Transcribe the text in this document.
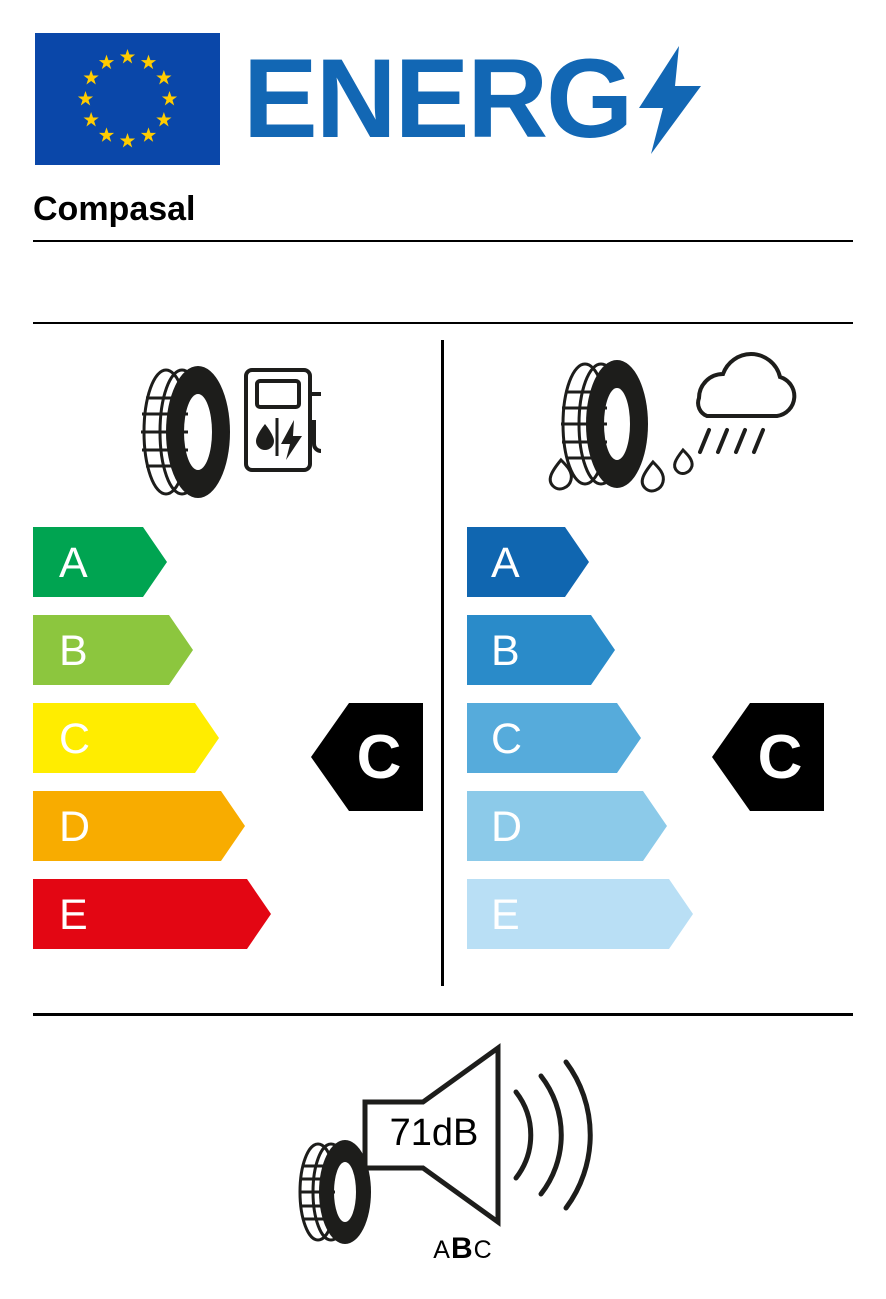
ENERG
Compasal
A
B
C
D
E
A
B
C
D
E
C	C
71dB
ABC
